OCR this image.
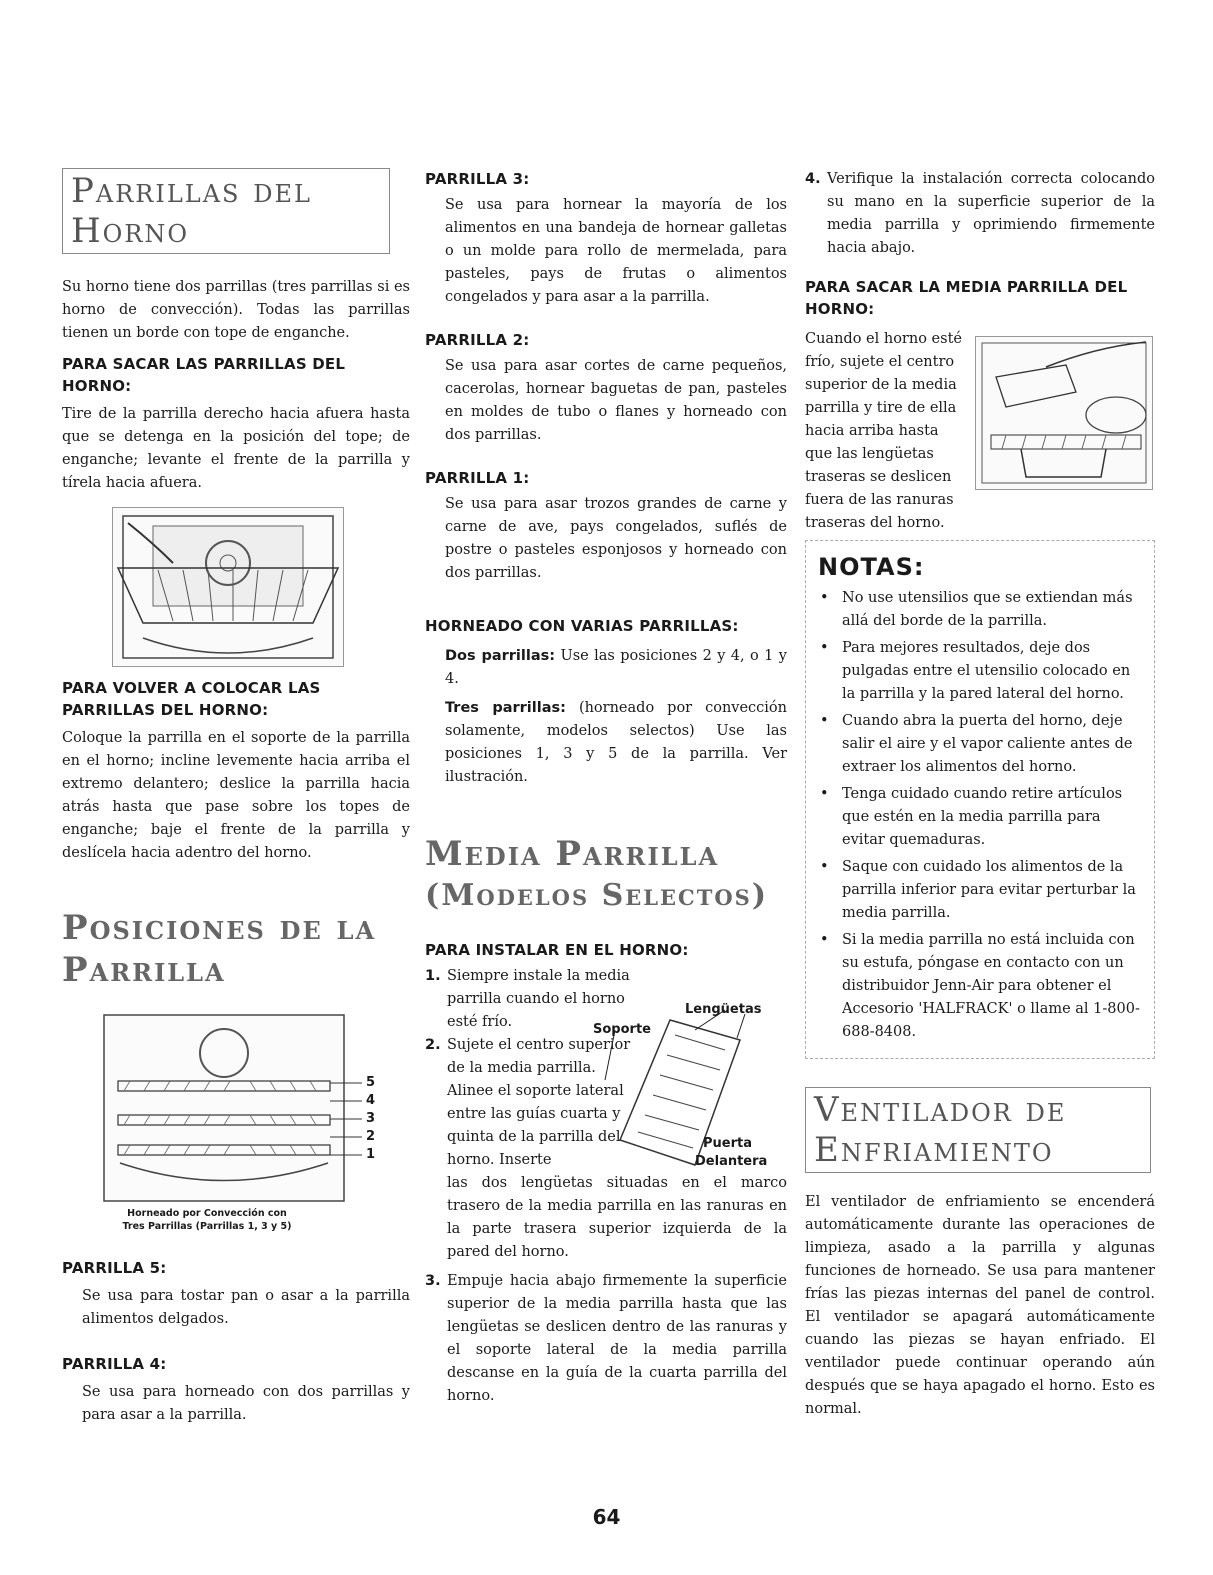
Parrillas del Horno

Su horno tiene dos parrillas (tres parrillas si es horno de convección). Todas las parrillas tienen un borde con tope de enganche.

PARA SACAR LAS PARRILLAS DEL HORNO:

Tire de la parrilla derecho hacia afuera hasta que se detenga en la posición del tope; de enganche; levante el frente de la parrilla y tírela hacia afuera.

PARA VOLVER A COLOCAR LAS PARRILLAS DEL HORNO:

Coloque la parrilla en el soporte de la parrilla en el horno; incline levemente hacia arriba el extremo delantero; deslice la parrilla hacia atrás hasta que pase sobre los topes de enganche; baje el frente de la parrilla y deslícela hacia adentro del horno.

Posiciones de la Parrilla
5
4
3
2
1
Horneado por Convección con
Tres Parrillas (Parrillas 1, 3 y 5)
PARRILLA 5:

Se usa para tostar pan o asar a la parrilla alimentos delgados.

PARRILLA 4:

Se usa para horneado con dos parrillas y para asar a la parrilla.

PARRILLA 3:

Se usa para hornear la mayoría de los alimentos en una bandeja de hornear galletas o un molde para rollo de mermelada, para pasteles, pays de frutas o alimentos congelados y para asar a la parrilla.

PARRILLA 2:

Se usa para asar cortes de carne pequeños, cacerolas, hornear baguetas de pan, pasteles en moldes de tubo o flanes y horneado con dos parrillas.

PARRILLA 1:

Se usa para asar trozos grandes de carne y carne de ave, pays congelados, suflés de postre o pasteles esponjosos y horneado con dos parrillas.

HORNEADO CON VARIAS PARRILLAS:

Dos parrillas: Use las posiciones 2 y 4, o 1 y 4.

Tres parrillas: (horneado por convección solamente, modelos selectos) Use las posiciones 1, 3 y 5 de la parrilla. Ver ilustración.

Media Parrilla
(Modelos Selectos)
PARA INSTALAR EN EL HORNO:
1. Siempre instale la media parrilla cuando el horno esté frío.
2. Sujete el centro superior de la media parrilla. Alinee el soporte lateral entre las guías cuarta y quinta de la parrilla del horno. Inserte
Lengüetas
Soporte
Puerta
Delantera
las dos lengüetas situadas en el marco trasero de la media parrilla en las ranuras en la parte trasera superior izquierda de la pared del horno.
3. Empuje hacia abajo firmemente la superficie superior de la media parrilla hasta que las lengüetas se deslicen dentro de las ranuras y el soporte lateral de la media parrilla descanse en la guía de la cuarta parrilla del horno.
4. Verifique la instalación correcta colocando su mano en la superficie superior de la media parrilla y oprimiendo firmemente hacia abajo.
PARA SACAR LA MEDIA PARRILLA DEL HORNO:

Cuando el horno esté frío, sujete el centro superior de la media parrilla y tire de ella hacia arriba hasta que las lengüetas traseras se deslicen fuera de las ranuras traseras del horno.

NOTAS:
• No use utensilios que se extiendan más allá del borde de la parrilla.
• Para mejores resultados, deje dos pulgadas entre el utensilio colocado en la parrilla y la pared lateral del horno.
• Cuando abra la puerta del horno, deje salir el aire y el vapor caliente antes de extraer los alimentos del horno.
• Tenga cuidado cuando retire artículos que estén en la media parrilla para evitar quemaduras.
• Saque con cuidado los alimentos de la parrilla inferior para evitar perturbar la media parrilla.
• Si la media parrilla no está incluida con su estufa, póngase en contacto con un distribuidor Jenn-Air para obtener el Accesorio 'HALFRACK' o llame al 1-800-688-8408.
Ventilador de Enfriamiento

El ventilador de enfriamiento se encenderá automáticamente durante las operaciones de limpieza, asado a la parrilla y algunas funciones de horneado. Se usa para mantener frías las piezas internas del panel de control. El ventilador se apagará automáticamente cuando las piezas se hayan enfriado. El ventilador puede continuar operando aún después que se haya apagado el horno. Esto es normal.

64
